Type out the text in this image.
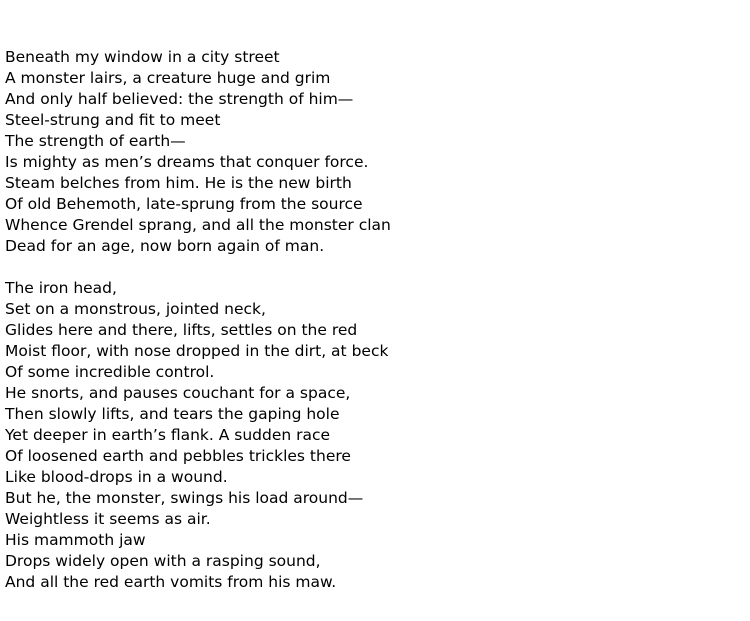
Beneath my window in a city street
A monster lairs, a creature huge and grim
And only half believed: the strength of him—
Steel-strung and fit to meet
The strength of earth—
Is mighty as men’s dreams that conquer force.
Steam belches from him. He is the new birth
Of old Behemoth, late-sprung from the source
Whence Grendel sprang, and all the monster clan
Dead for an age, now born again of man.
The iron head,
Set on a monstrous, jointed neck,
Glides here and there, lifts, settles on the red
Moist floor, with nose dropped in the dirt, at beck
Of some incredible control.
He snorts, and pauses couchant for a space,
Then slowly lifts, and tears the gaping hole
Yet deeper in earth’s flank. A sudden race
Of loosened earth and pebbles trickles there
Like blood-drops in a wound.
But he, the monster, swings his load around—
Weightless it seems as air.
His mammoth jaw
Drops widely open with a rasping sound,
And all the red earth vomits from his maw.
